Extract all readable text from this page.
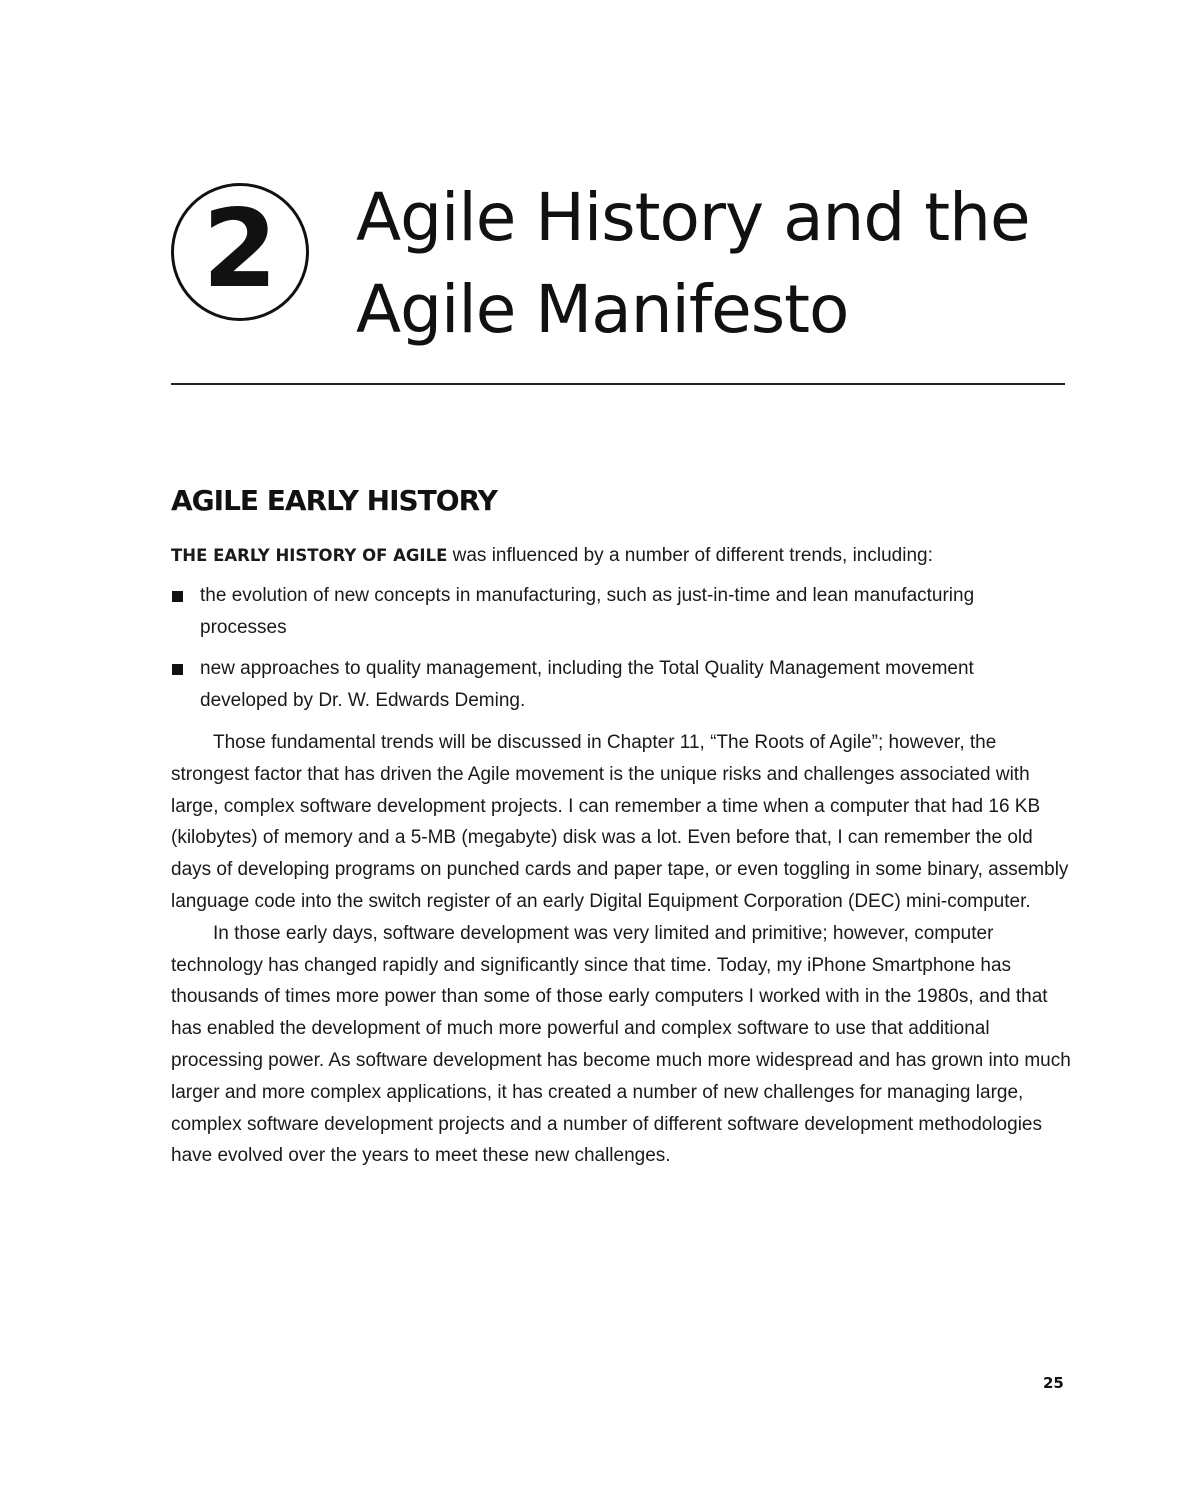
2 Agile History and the
Agile Manifesto
AGILE EARLY HISTORY

THE EARLY HISTORY OF AGILE was influenced by a number of different trends, including:

the evolution of new concepts in manufacturing, such as just-in-time and lean manufacturing processes
new approaches to quality management, including the Total Quality Management movement developed by Dr. W. Edwards Deming.

Those fundamental trends will be discussed in Chapter 11, “The Roots of Agile”; however, the strongest factor that has driven the Agile movement is the unique risks and challenges associated with large, complex software development projects. I can remember a time when a computer that had 16 KB (kilobytes) of memory and a 5-MB (megabyte) disk was a lot. Even before that, I can remember the old days of developing programs on punched cards and paper tape, or even toggling in some binary, assembly language code into the switch register of an early Digital Equipment Corporation (DEC) mini-computer.

In those early days, software development was very limited and primitive; however, computer technology has changed rapidly and significantly since that time. Today, my iPhone Smartphone has thousands of times more power than some of those early computers I worked with in the 1980s, and that has enabled the development of much more powerful and complex software to use that additional processing power. As software development has become much more widespread and has grown into much larger and more complex applications, it has created a number of new challenges for managing large, complex software development projects and a number of different software development methodologies have evolved over the years to meet these new challenges.

25
